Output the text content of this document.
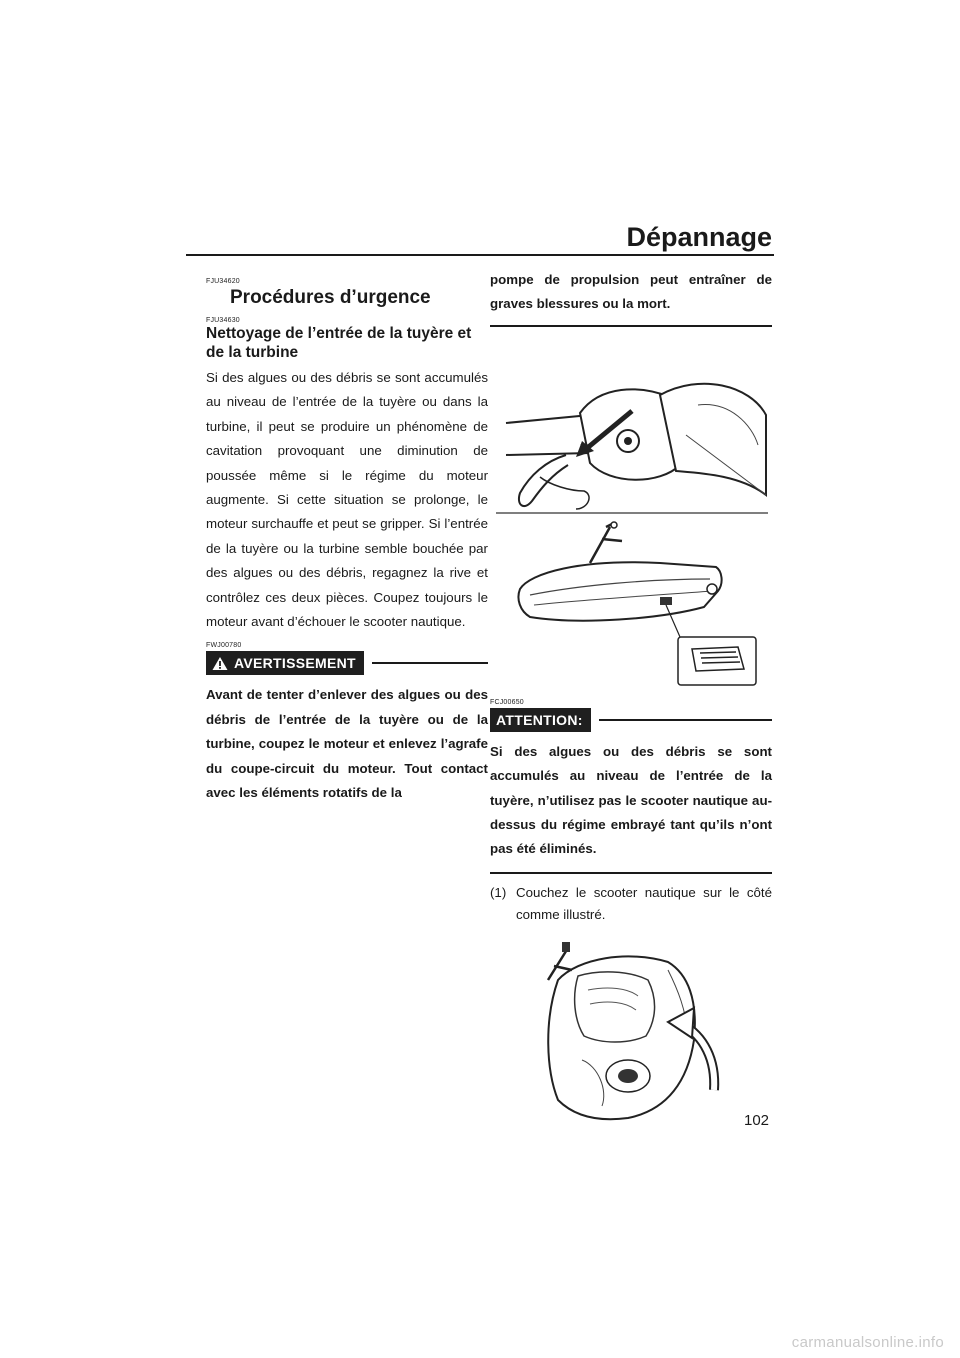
Dépannage
FJU34620
Procédures d’urgence
FJU34630
Nettoyage de l’entrée de la tuyère et de la turbine

Si des algues ou des débris se sont accumulés au niveau de l’entrée de la tuyère ou dans la turbine, il peut se produire un phénomène de cavitation provoquant une diminution de poussée même si le régime du moteur augmente. Si cette situation se prolonge, le moteur surchauffe et peut se gripper. Si l’entrée de la tuyère ou la turbine semble bouchée par des algues ou des débris, regagnez la rive et contrôlez ces deux pièces. Coupez toujours le moteur avant d’échouer le scooter nautique.

FWJ00780
AVERTISSEMENT

Avant de tenter d’enlever des algues ou des débris de l’entrée de la tuyère ou de la turbine, coupez le moteur et enlevez l’agrafe du coupe-circuit du moteur. Tout contact avec les éléments rotatifs de la

pompe de propulsion peut entraîner de graves blessures ou la mort.

FCJ00650
ATTENTION:

Si des algues ou des débris se sont accumulés au niveau de l’entrée de la tuyère, n’utilisez pas le scooter nautique au-dessus du régime embrayé tant qu’ils n’ont pas été éliminés.

(1) Couchez le scooter nautique sur le côté comme illustré.
102
carmanualsonline.info
